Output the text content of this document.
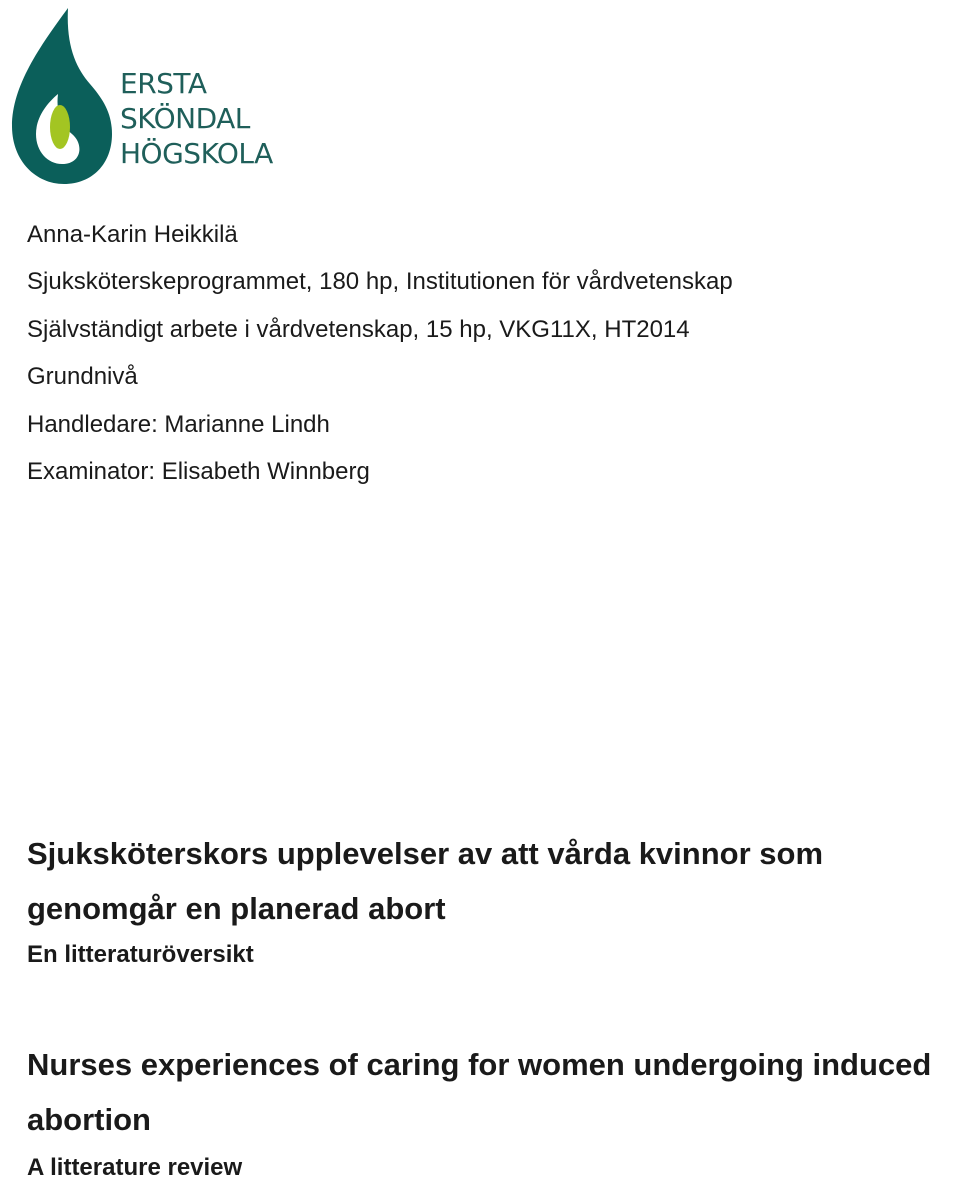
ERSTA
SKÖNDAL
HÖGSKOLA
Anna-Karin Heikkilä
Sjuksköterskeprogrammet, 180 hp, Institutionen för vårdvetenskap
Självständigt arbete i vårdvetenskap, 15 hp, VKG11X, HT2014
Grundnivå
Handledare: Marianne Lindh
Examinator: Elisabeth Winnberg
Sjuksköterskors upplevelser av att vårda kvinnor som genomgår en planerad abort
En litteraturöversikt
Nurses experiences of caring for women undergoing induced
abortion
A litterature review
